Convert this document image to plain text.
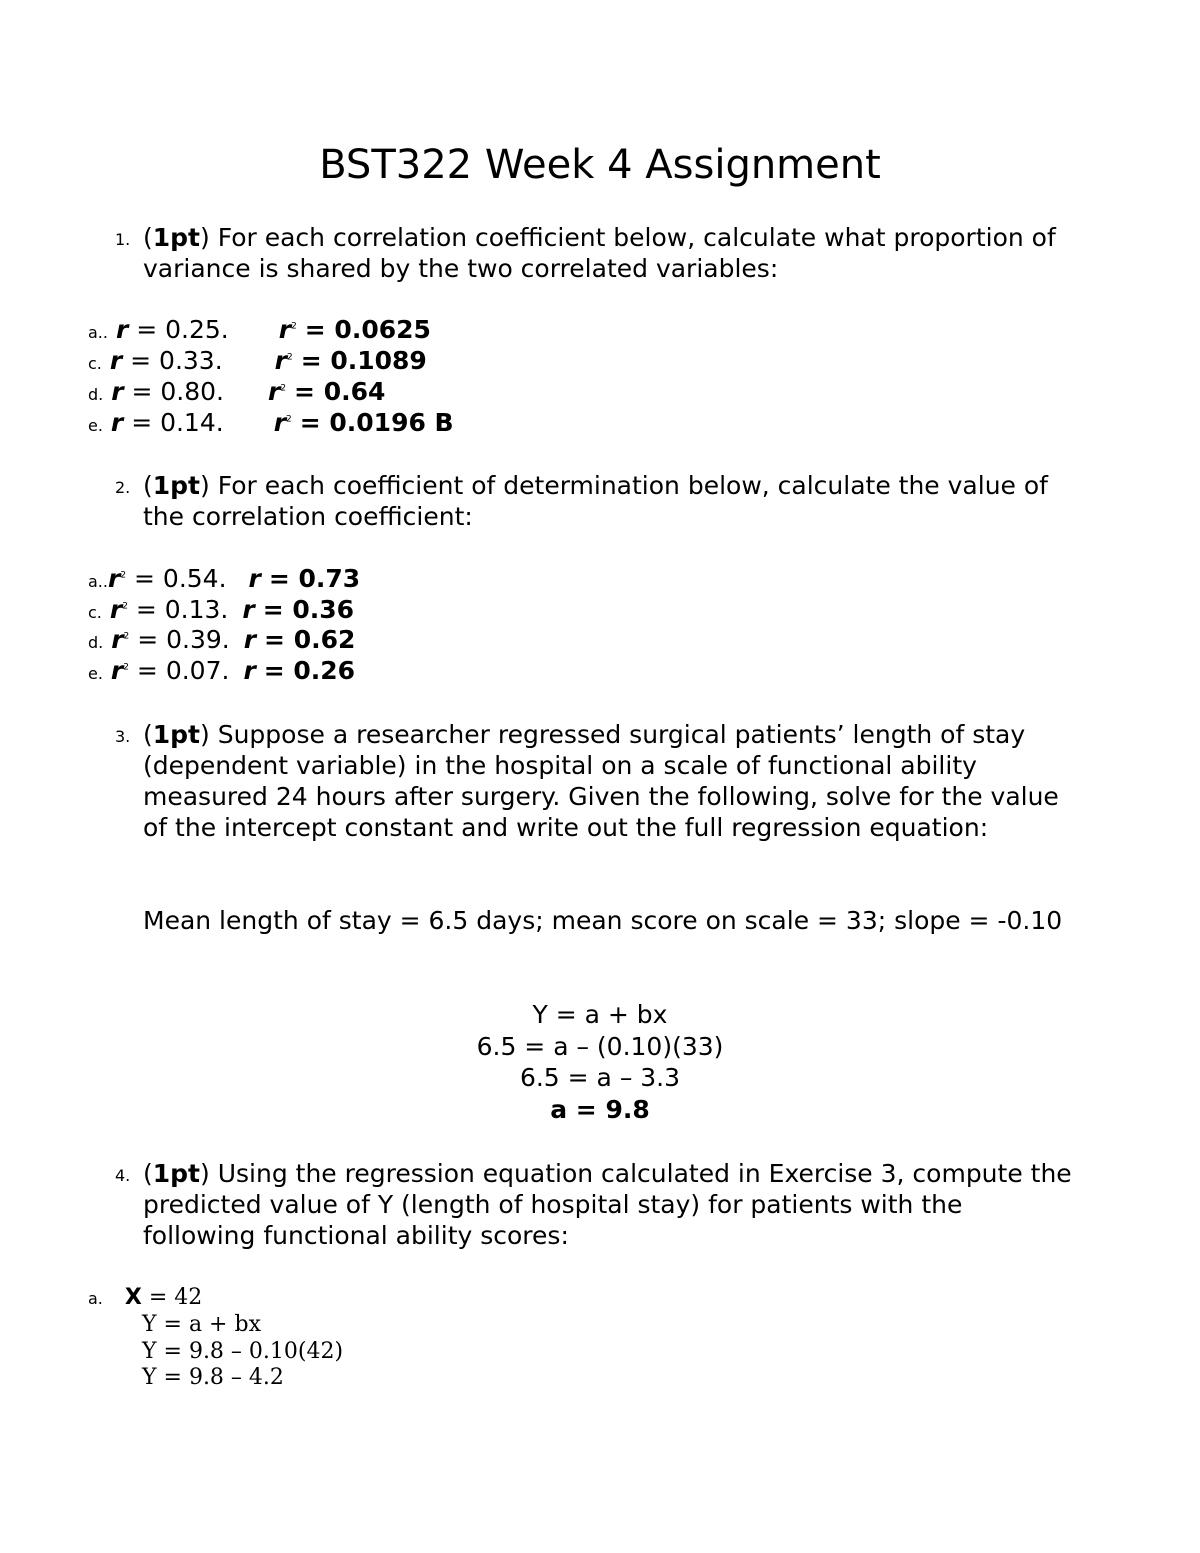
BST322 Week 4 Assignment
1. (1pt) For each correlation coefficient below, calculate what proportion of variance is shared by the two correlated variables:
a.. r = 0.25. $r^2 = 0.0625$
c. r = 0.33. $r^2 = 0.1089$
d. r = 0.80. $r^2 = 0.64$
e. r = 0.14. $r^2 = 0.0196$ B
2. (1pt) For each coefficient of determination below, calculate the value of the correlation coefficient:
$a..r^2 = 0.54$. r = 0.73
c. $r^2 = 0.13$. r = 0.36
d. $r^2 = 0.39$. r = 0.62
e. $r^2 = 0.07$. r = 0.26
3. (1pt) Suppose a researcher regressed surgical patients’ length of stay (dependent variable) in the hospital on a scale of functional ability measured 24 hours after surgery. Given the following, solve for the value of the intercept constant and write out the full regression equation:
Mean length of stay = 6.5 days; mean score on scale = 33; slope = -0.10
Y = a + bx
6.5 = a – (0.10)(33)
6.5 = a – 3.3
a = 9.8
4. (1pt) Using the regression equation calculated in Exercise 3, compute the predicted value of Y (length of hospital stay) for patients with the following functional ability scores:
a. X = 42
Y = a + bx
Y = 9.8 – 0.10(42)
Y = 9.8 – 4.2
